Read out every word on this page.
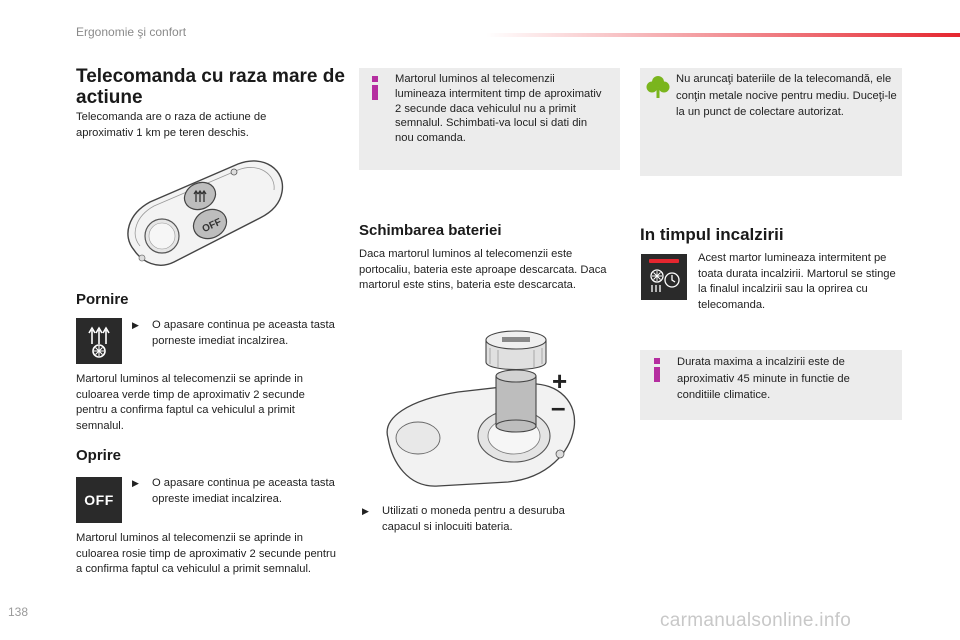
Ergonomie şi confort
Telecomanda cu raza mare de actiune
Telecomanda are o raza de actiune de aproximativ 1 km pe teren deschis.
OFF
Pornire
▶ O apasare continua pe aceasta tasta porneste imediat incalzirea.
Martorul luminos al telecomenzii se aprinde in culoarea verde timp de aproximativ 2 secunde pentru a confirma faptul ca vehiculul a primit semnalul.
Oprire
OFF
▶ O apasare continua pe aceasta tasta opreste imediat incalzirea.
Martorul luminos al telecomenzii se aprinde in culoarea rosie timp de aproximativ 2 secunde pentru a confirma faptul ca vehiculul a primit semnalul.
Martorul luminos al telecomenzii lumineaza intermitent timp de aproximativ 2 secunde daca vehiculul nu a primit semnalul. Schimbati-va locul si dati din nou comanda.
Schimbarea bateriei
Daca martorul luminos al telecomenzii este portocaliu, bateria este aproape descarcata. Daca martorul este stins, bateria este descarcata.
+
–
▶ Utilizati o moneda pentru a desuruba capacul si inlocuiti bateria.
Nu aruncaţi bateriile de la telecomandă, ele conţin metale nocive pentru mediu. Duceţi-le la un punct de colectare autorizat.
In timpul incalzirii
Acest martor lumineaza intermitent pe toata durata incalzirii. Martorul se stinge la finalul incalzirii sau la oprirea cu telecomanda.
Durata maxima a incalzirii este de aproximativ 45 minute in functie de conditiile climatice.
138	carmanualsonline.info
